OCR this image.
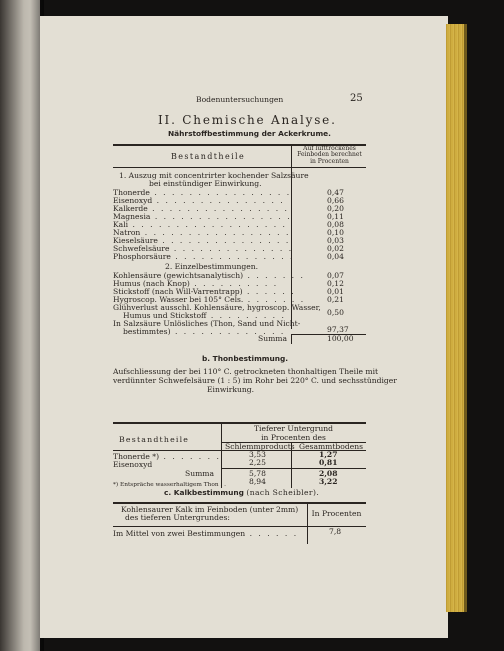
Bodenuntersuchungen	25
II. Chemische Analyse.
Nährstoffbestimmung der Ackerkrume.
Bestandtheile
Auf lufttrockenes
Feinboden berechnet
in Procenten
1. Auszug mit concentrirter kochender Salzsäure
bei einstündiger Einwirkung.
Thonerde . . . . . . . . . . . . . . . .	0,47
Eisenoxyd . . . . . . . . . . . . . . .	0,66
Kalkerde . . . . . . . . . . . . . . . .	0,20
Magnesia . . . . . . . . . . . . . . . .	0,11
Kali . . . . . . . . . . . . . . . . . .	0,08
Natron . . . . . . . . . . . . . . . . .	0,10
Kieselsäure . . . . . . . . . . . . . . .	0,03
Schwefelsäure . . . . . . . . . . . . . .	0,02
Phosphorsäure . . . . . . . . . . . . . .	0,04
2. Einzelbestimmungen.
Kohlensäure (gewichtsanalytisch) . . . . . . .	0,07
Humus (nach Knop) . . . . . . . . . .	0,12
Stickstoff (nach Will-Varrentrapp) . . . . . .	0,01
Hygroscop. Wasser bei 105° Cels. . . . . . . .	0,21
Glühverlust ausschl. Kohlensäure, hygroscop. Wasser,
Humus und Stickstoff . . . . . . . . .	0,50
In Salzsäure Unlösliches (Thon, Sand und Nicht-
bestimmtes) . . . . . . . . . . . . .	97,37
Summa	100,00
b. Thonbestimmung.
Aufschliessung der bei 110° C. getrockneten thonhaltigen Theile mit
verdünnter Schwefelsäure (1 : 5) im Rohr bei 220° C. und sechsstündiger
Einwirkung.
Bestandtheile
Tieferer Untergrund
in Procenten des
Schlemmproducts Gesammtbodens
Thonerde *) . . . . . . .	3,53	1,27
Eisenoxyd	2,25	0,81
Summa	5,78	2,08
*) Entspräche wasserhaltigem Thon . .	8,94	3,22
c. Kalkbestimmung (nach Scheibler).
Kohlensaurer Kalk im Feinboden (unter 2mm)
des tieferen Untergrundes:	In Procenten
Im Mittel von zwei Bestimmungen . . . . . .	7,8
